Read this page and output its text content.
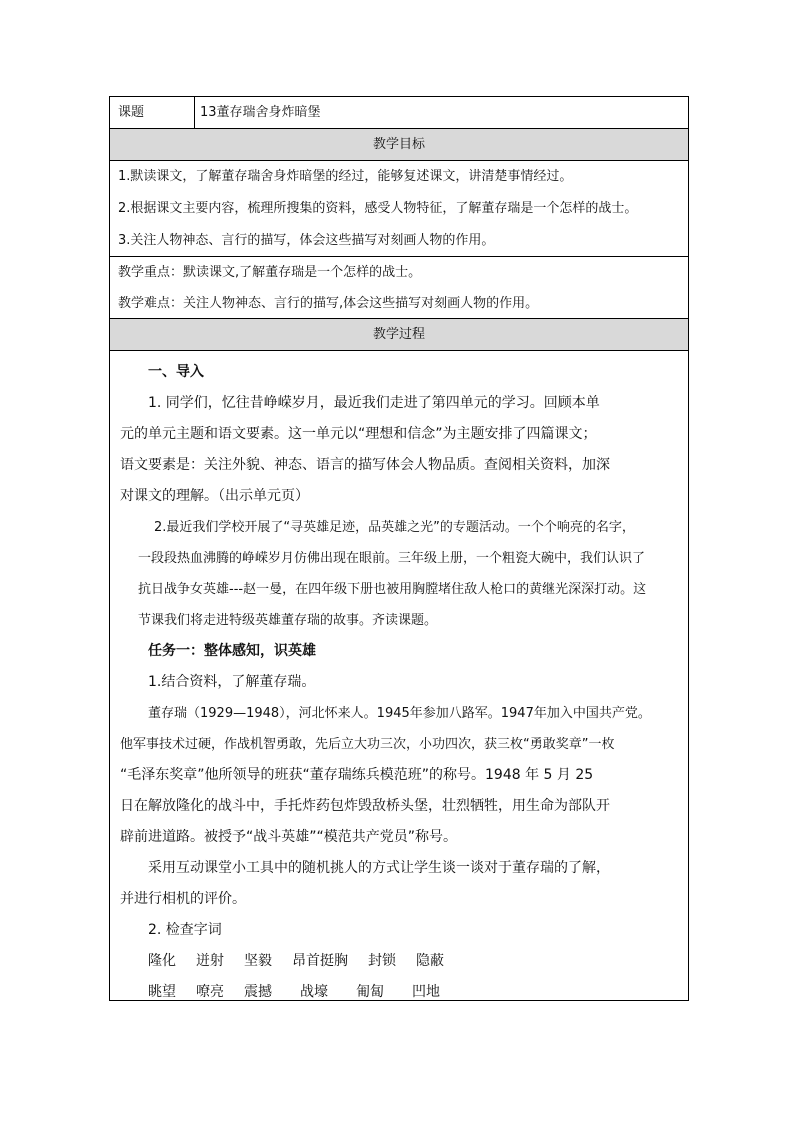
课题	13董存瑞舍身炸暗堡
教学目标

1.默读课文，了解董存瑞舍身炸暗堡的经过，能够复述课文，讲清楚事情经过。

2.根据课文主要内容，梳理所搜集的资料，感受人物特征，了解董存瑞是一个怎样的战士。

3.关注人物神态、言行的描写，体会这些描写对刻画人物的作用。

教学重点：默读课文,了解董存瑞是一个怎样的战士。

教学难点：关注人物神态、言行的描写,体会这些描写对刻画人物的作用。

教学过程

一、导入

1. 同学们，忆往昔峥嵘岁月，最近我们走进了第四单元的学习。回顾本单

元的单元主题和语文要素。这一单元以“理想和信念”为主题安排了四篇课文；

语文要素是：关注外貌、神态、语言的描写体会人物品质。查阅相关资料，加深

对课文的理解。（出示单元页）

2.最近我们学校开展了“寻英雄足迹，品英雄之光”的专题活动。一个个响亮的名字，

一段段热血沸腾的峥嵘岁月仿佛出现在眼前。三年级上册，一个粗瓷大碗中，我们认识了

抗日战争女英雄---赵一曼，在四年级下册也被用胸膛堵住敌人枪口的黄继光深深打动。这

节课我们将走进特级英雄董存瑞的故事。齐读课题。

任务一：整体感知，识英雄

1.结合资料，了解董存瑞。

董存瑞（1929—1948），河北怀来人。1945年参加八路军。1947年加入中国共产党。

他军事技术过硬，作战机智勇敢，先后立大功三次，小功四次，获三枚“勇敢奖章”一枚

“毛泽东奖章”他所领导的班获“董存瑞练兵模范班”的称号。1948 年 5 月 25

日在解放隆化的战斗中，手托炸药包炸毁敌桥头堡，壮烈牺牲，用生命为部队开

辟前进道路。被授予“战斗英雄”“模范共产党员”称号。

采用互动课堂小工具中的随机挑人的方式让学生谈一谈对于董存瑞的了解，

并进行相机的评价。

2. 检查字词

隆化 迸射 坚毅 昂首挺胸 封锁 隐蔽

眺望 嘹亮 震撼 战壕 匍匐 凹地
